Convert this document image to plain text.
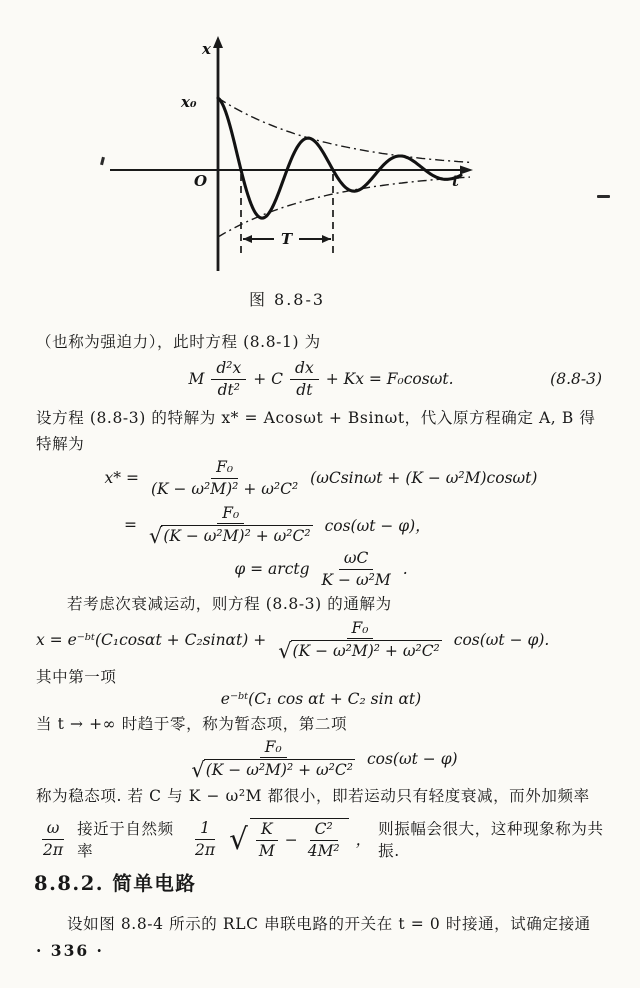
x
x₀
O	t
T
图 8.8-3
（也称为强迫力），此时方程 (8.8-1) 为
M $\frac{\text{d²x}}{\text{dt²}} + C \frac{dx}{dt} + Kx = F_0\cos\omega t$.	(8.8-3)
设方程 (8.8-3) 的特解为 x* = Acosωt + Bsinωt，代入原方程确定 A, B 得
特解为
$x* = \frac{\text{F₀}}{\text{(K − ω²M)² + ω²C²}} (\omega Csin\omega t + (K - \omega^2M)\cos\omega t)$
= $\frac{\text{F₀}}{\text{√ (K − ω²M)² + ω²C²}} \cos(\omega t - \varphi)$，
φ = arctg $\frac{\omega C}{\text{K − ω²M}}$ .
若考虑次衰减运动，则方程 (8.8-3) 的通解为
x = e⁻ᵇᵗ(C₁cosαt + $C_2\sin\alpha t) + \frac{\text{F₀}}{\text{√ (K − ω²M)² + ω²C²}} \cos(\omega t - \varphi)$.
其中第一项
e⁻ᵇᵗ(C₁ cos αt + C₂ sin αt)
当 t → +∞ 时趋于零，称为暂态项，第二项
$\frac{\text{F₀}}{\text{√ (K − ω²M)² + ω²C²}} \cos(\omega t - \varphi)$
称为稳态项. 若 C 与 K − ω²M 都很小，即若运动只有轻度衰减，而外加频率
$\frac{\omega}{2\pi}$ 接近于自然频率	$\frac{1}{2\pi}$ √ $\frac{K}{M} - \frac{\text{C²}}{\text{4M²}}$ ，
则振幅会很大，这种现象称为共振.
8.8.2. 简单电路
设如图 8.8-4 所示的 RLC 串联电路的开关在 t = 0 时接通，试确定接通
· 336 ·
